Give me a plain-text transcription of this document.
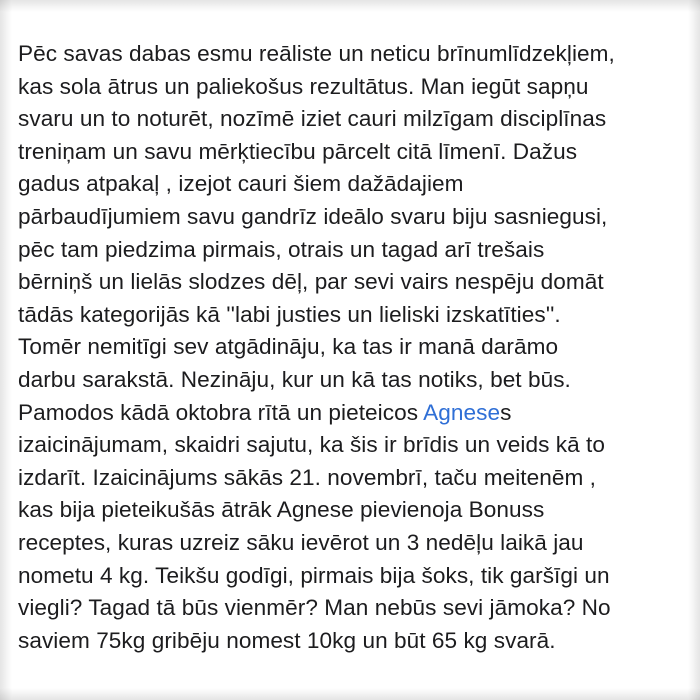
Pēc savas dabas esmu reāliste un neticu brīnumlīdzekļiem,
kas sola ātrus un paliekošus rezultātus. Man iegūt sapņu
svaru un to noturēt, nozīmē iziet cauri milzīgam disciplīnas
treniņam un savu mērķtiecību pārcelt citā līmenī. Dažus
gadus atpakaļ , izejot cauri šiem dažādajiem
pārbaudījumiem savu gandrīz ideālo svaru biju sasniegusi,
pēc tam piedzima pirmais, otrais un tagad arī trešais
bērniņš un lielās slodzes dēļ, par sevi vairs nespēju domāt
tādās kategorijās kā ''labi justies un lieliski izskatīties''.
Tomēr nemitīgi sev atgādināju, ka tas ir manā darāmo
darbu sarakstā. Nezināju, kur un kā tas notiks, bet būs.
Pamodos kādā oktobra rītā un pieteicos Agneses
izaicinājumam, skaidri sajutu, ka šis ir brīdis un veids kā to
izdarīt. Izaicinājums sākās 21. novembrī, taču meitenēm ,
kas bija pieteikušās ātrāk Agnese pievienoja Bonuss
receptes, kuras uzreiz sāku ievērot un 3 nedēļu laikā jau
nometu 4 kg. Teikšu godīgi, pirmais bija šoks, tik garšīgi un
viegli? Tagad tā būs vienmēr? Man nebūs sevi jāmoka? No
saviem 75kg gribēju nomest 10kg un būt 65 kg svarā.
